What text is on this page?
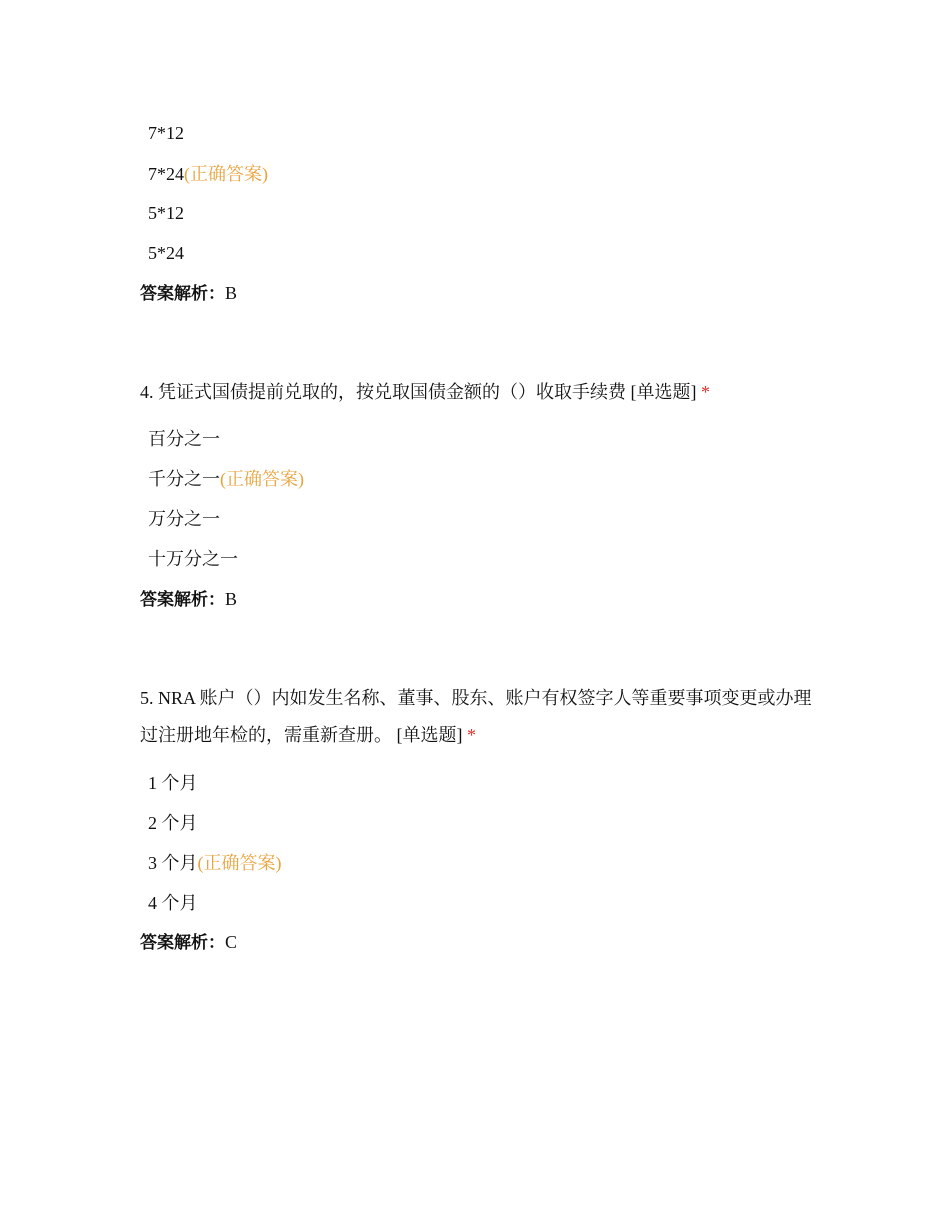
7*12
7*24(正确答案)
5*12
5*24
答案解析：B
4. 凭证式国债提前兑取的，按兑取国债金额的（）收取手续费 [单选题] *
百分之一
千分之一(正确答案)
万分之一
十万分之一
答案解析：B
5. NRA 账户（）内如发生名称、董事、股东、账户有权签字人等重要事项变更或办理过注册地年检的，需重新查册。 [单选题] *
1 个月
2 个月
3 个月(正确答案)
4 个月
答案解析：C
